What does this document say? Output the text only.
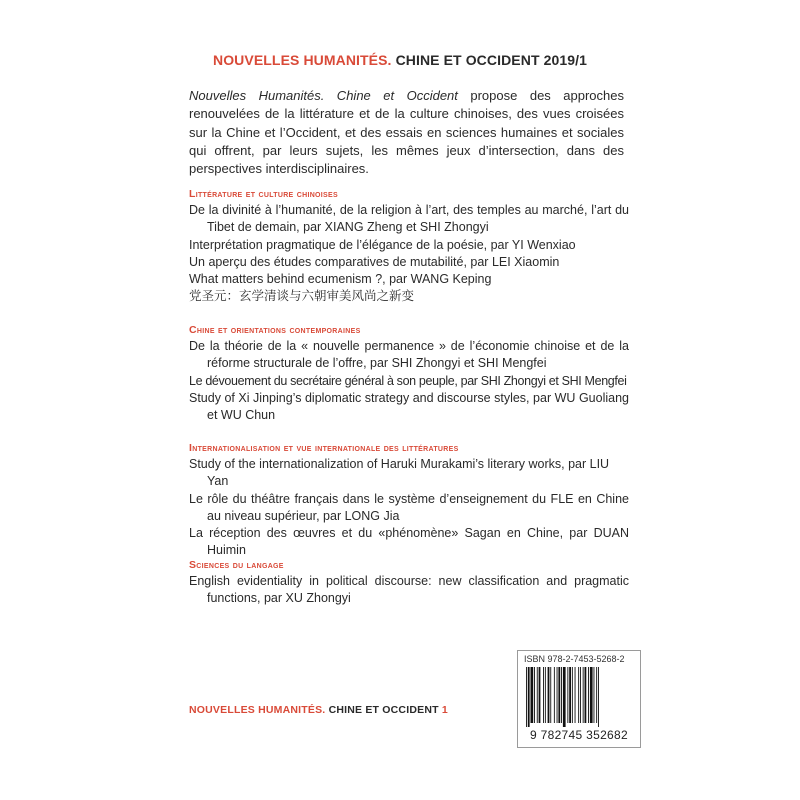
NOUVELLES HUMANITÉS. CHINE ET OCCIDENT 2019/1
Nouvelles Humanités. Chine et Occident propose des approches renouvelées de la littérature et de la culture chinoises, des vues croisées sur la Chine et l’Occident, et des essais en sciences humaines et sociales qui offrent, par leurs sujets, les mêmes jeux d’intersection, dans des perspectives interdisciplinaires.
Littérature et culture chinoises
De la divinité à l’humanité, de la religion à l’art, des temples au marché, l’art du Tibet de demain, par XIANG Zheng et SHI Zhongyi
Interprétation pragmatique de l’élégance de la poésie, par YI Wenxiao
Un aperçu des études comparatives de mutabilité, par LEI Xiaomin
What matters behind ecumenism ?, par WANG Keping
党圣元：玄学清谈与六朝审美风尚之新变
Chine et orientations contemporaines
De la théorie de la « nouvelle permanence » de l’économie chinoise et de la réforme structurale de l’offre, par SHI Zhongyi et SHI Mengfei
Le dévouement du secrétaire général à son peuple, par SHI Zhongyi et SHI Mengfei
Study of Xi Jinping’s diplomatic strategy and discourse styles, par WU Guoliang et WU Chun
Internationalisation et vue internationale des littératures
Study of the internationalization of Haruki Murakami’s literary works, par LIU Yan
Le rôle du théâtre français dans le système d’enseignement du FLE en Chine au niveau supérieur, par LONG Jia
La réception des œuvres et du «phénomène» Sagan en Chine, par DUAN Huimin
Sciences du langage
English evidentiality in political discourse: new classification and pragmatic functions, par XU Zhongyi
NOUVELLES HUMANITÉS. CHINE ET OCCIDENT 1
ISBN 978-2-7453-5268-2
9 782745 352682
